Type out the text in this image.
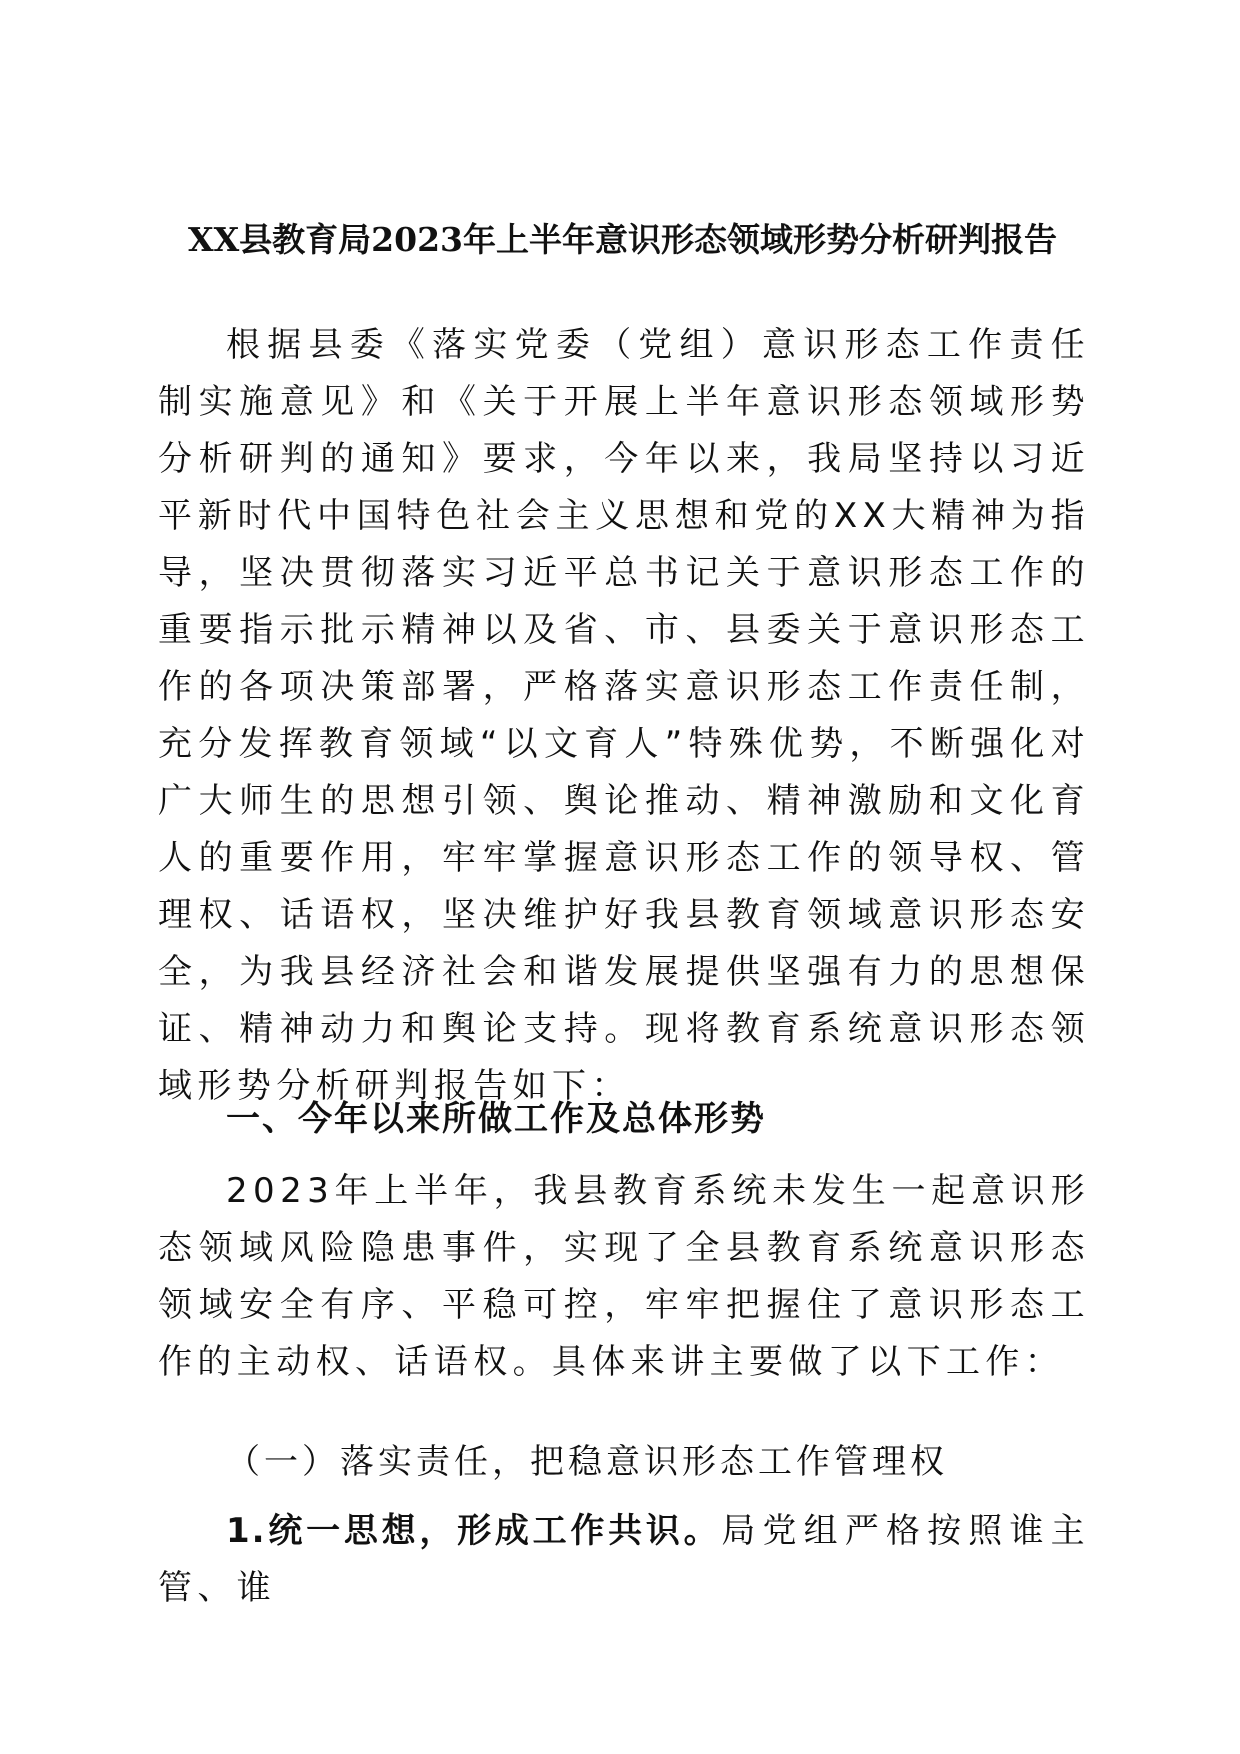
XX县教育局2023年上半年意识形态领域形势分析研判报告

根据县委《落实党委（党组）意识形态工作责任制实施意见》和《关于开展上半年意识形态领域形势分析研判的通知》要求，今年以来，我局坚持以习近平新时代中国特色社会主义思想和党的XX大精神为指导，坚决贯彻落实习近平总书记关于意识形态工作的重要指示批示精神以及省、市、县委关于意识形态工作的各项决策部署，严格落实意识形态工作责任制，充分发挥教育领域“以文育人”特殊优势，不断强化对广大师生的思想引领、舆论推动、精神激励和文化育人的重要作用，牢牢掌握意识形态工作的领导权、管理权、话语权，坚决维护好我县教育领域意识形态安全，为我县经济社会和谐发展提供坚强有力的思想保证、精神动力和舆论支持。现将教育系统意识形态领域形势分析研判报告如下：

一、今年以来所做工作及总体形势

2023年上半年，我县教育系统未发生一起意识形态领域风险隐患事件，实现了全县教育系统意识形态领域安全有序、平稳可控，牢牢把握住了意识形态工作的主动权、话语权。具体来讲主要做了以下工作：

（一）落实责任，把稳意识形态工作管理权

1.统一思想，形成工作共识。局党组严格按照谁主管、谁
